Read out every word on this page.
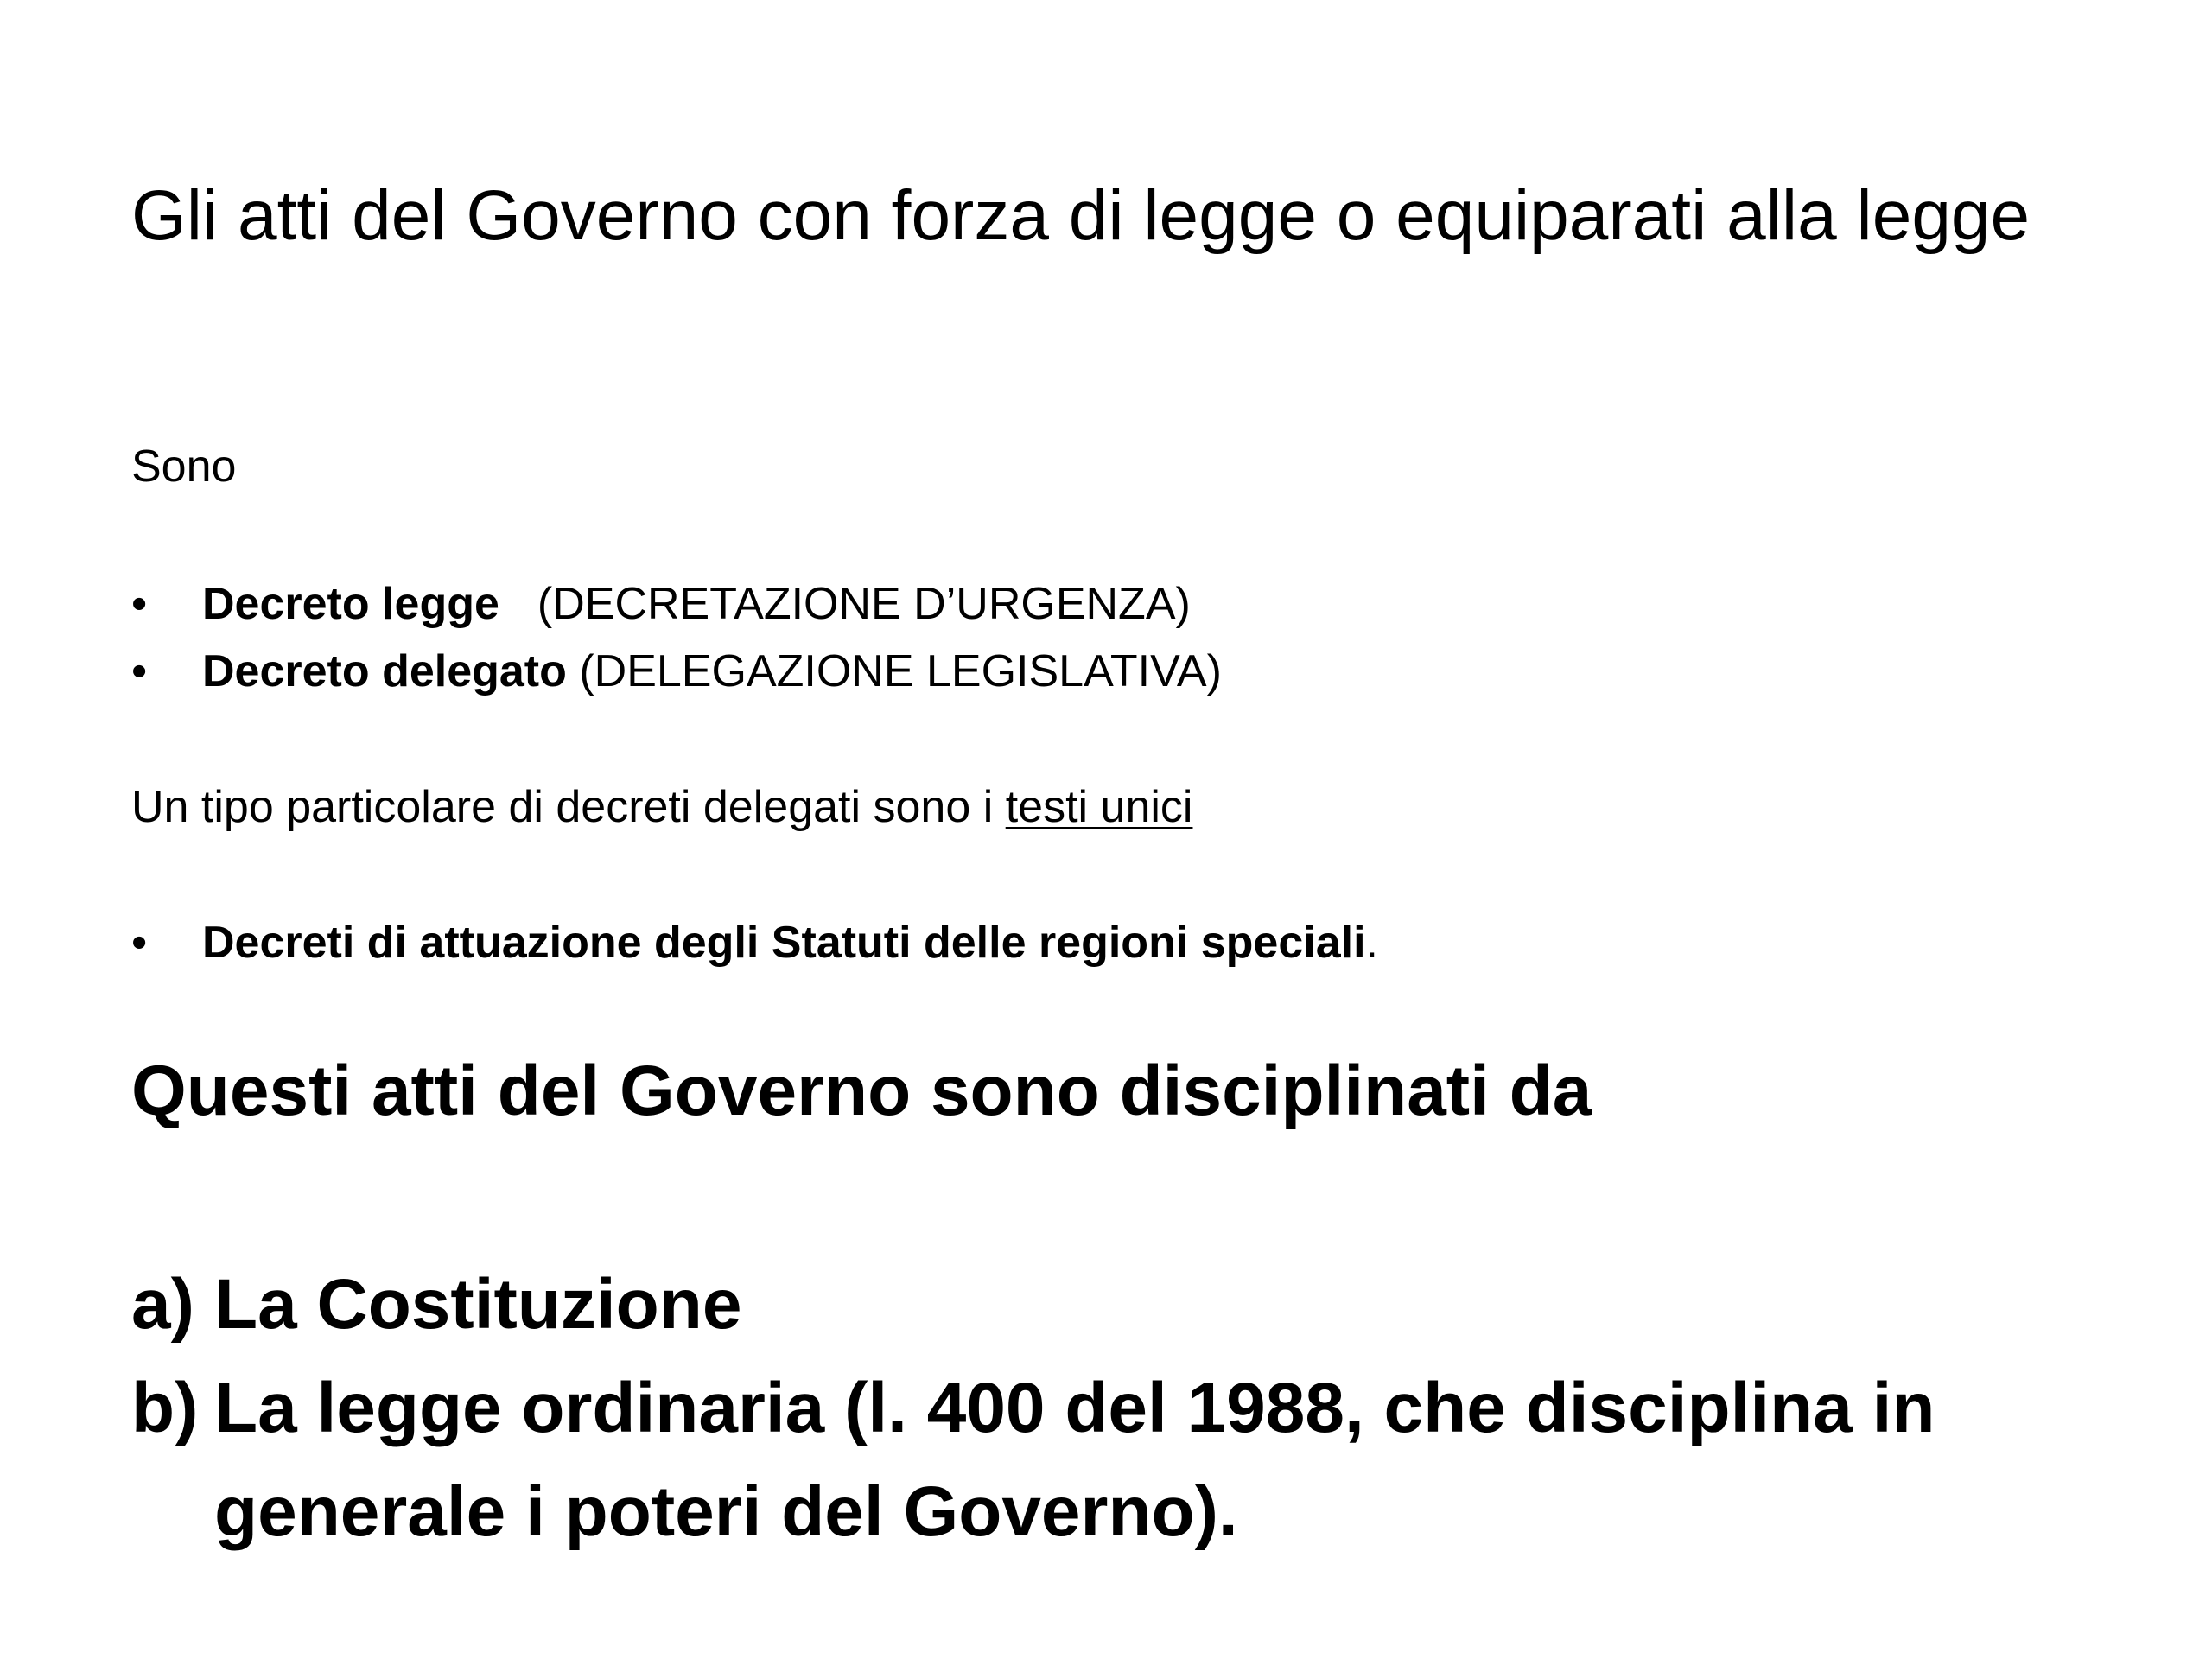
Gli atti del Governo con forza di legge o equiparati alla legge

Sono

• Decreto legge (DECRETAZIONE D’URGENZA)
• Decreto delegato (DELEGAZIONE LEGISLATIVA)

Un tipo particolare di decreti delegati sono i testi unici

• Decreti di attuazione degli Statuti delle regioni speciali.
Questi atti del Governo sono disciplinati da
a) La Costituzione
b) La legge ordinaria (l. 400 del 1988, che disciplina in generale i poteri del Governo).
